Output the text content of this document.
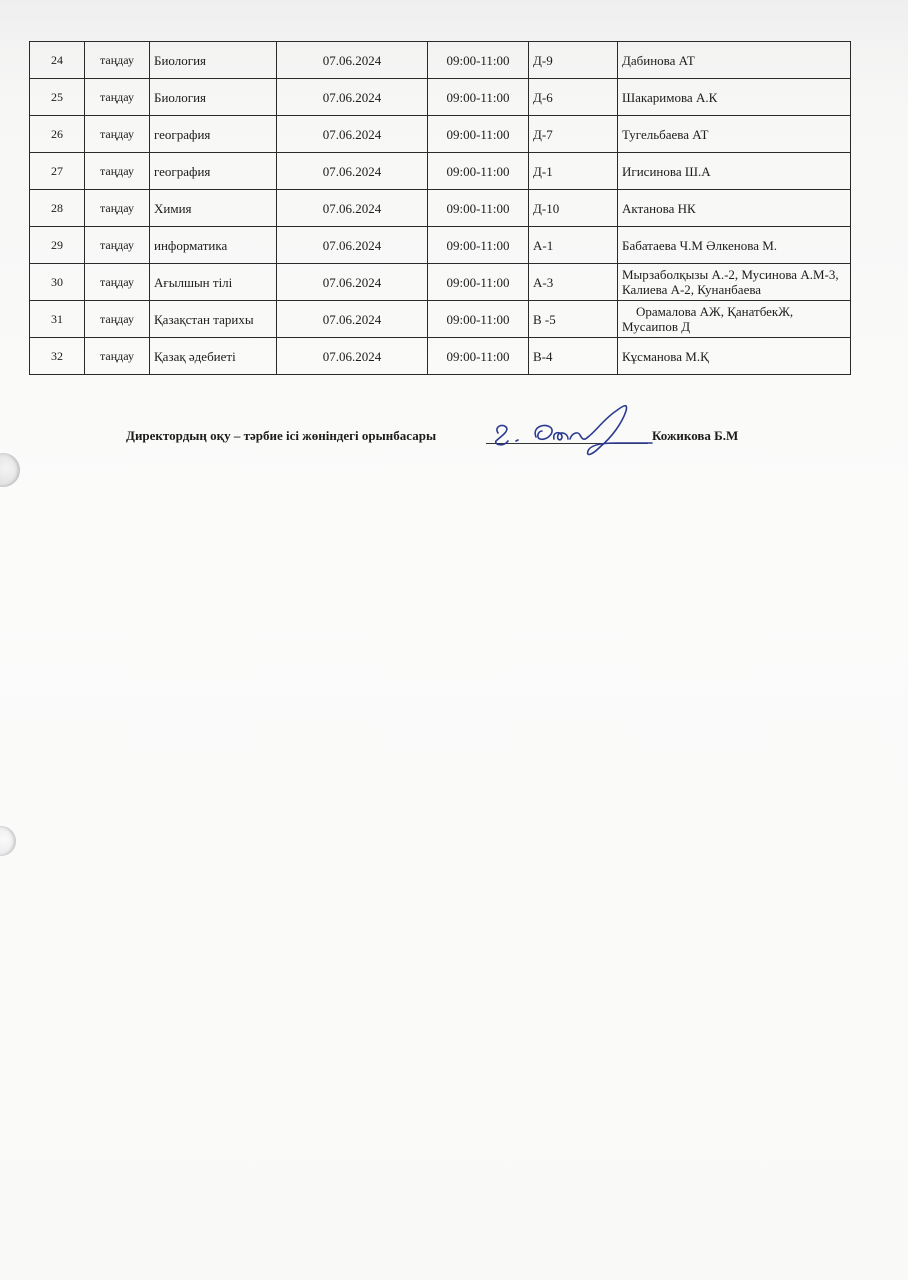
24	таңдау	Биология	07.06.2024	09:00-11:00	Д-9	Дабинова АТ
25	таңдау	Биология	07.06.2024	09:00-11:00	Д-6	Шакаримова А.К
26	таңдау	география	07.06.2024	09:00-11:00	Д-7	Тугельбаева АТ
27	таңдау	география	07.06.2024	09:00-11:00	Д-1	Игисинова Ш.А
28	таңдау	Химия	07.06.2024	09:00-11:00	Д-10	Актанова НК
29	таңдау	информатика	07.06.2024	09:00-11:00	А-1	Бабатаева Ч.М Әлкенова М.
30	таңдау	Ағылшын тілі	07.06.2024	09:00-11:00	А-3	Мырзаболқызы А.-2, Мусинова А.М-3, Калиева А-2, Кунанбаева
31	таңдау	Қазақстан тарихы	07.06.2024	09:00-11:00	В -5	Орамалова АЖ, ҚанатбекЖ, Мусаипов Д
32	таңдау	Қазақ әдебиеті	07.06.2024	09:00-11:00	В-4	Кұсманова М.Қ
Директордың оқу – тәрбие ісі жөніндегі орынбасары	Кожикова Б.М
